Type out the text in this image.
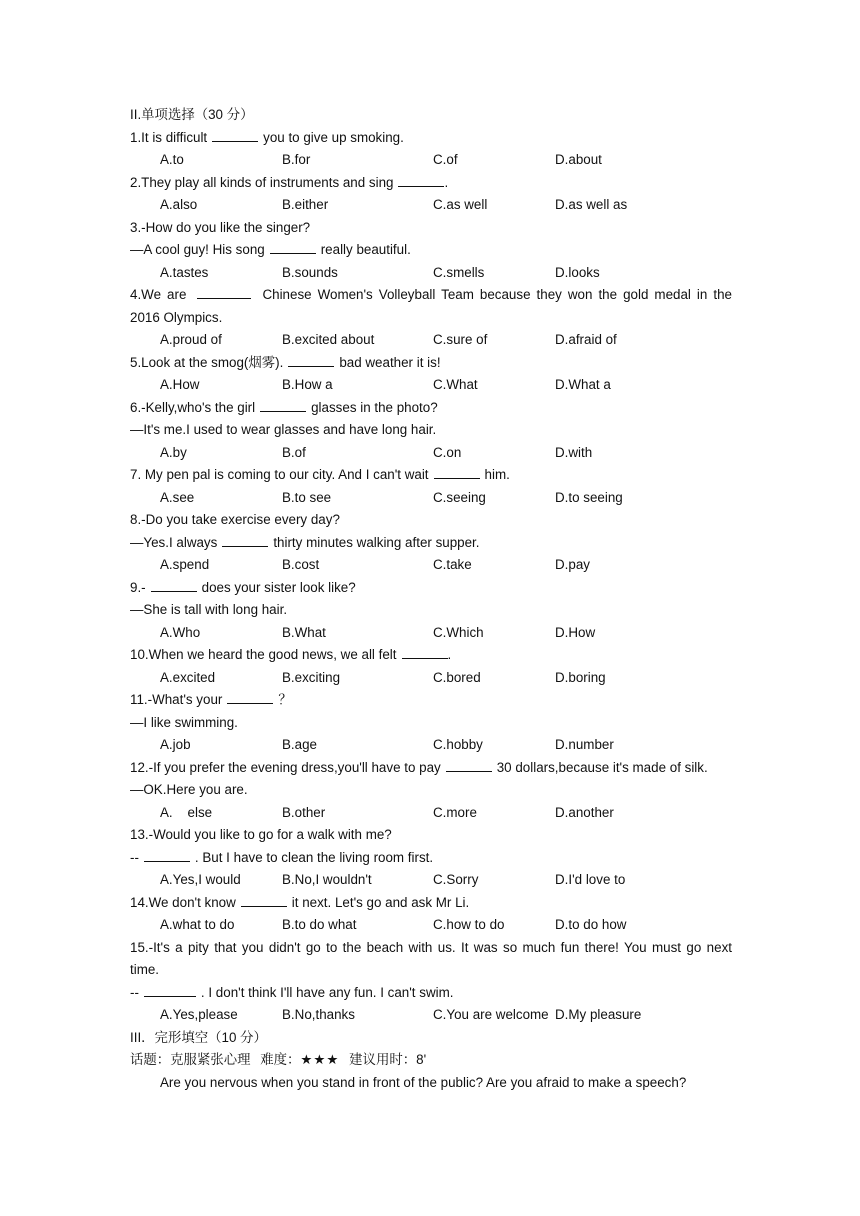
II.单项选择（30 分）
1.It is difficult	you to give up smoking.
A.to	B.for	C.of	D.about
2.They play all kinds of instruments and sing	.
A.also	B.either	C.as well	D.as well as
3.-How do you like the singer?
—A cool guy! His song	really beautiful.
A.tastes	B.sounds	C.smells	D.looks
4.We are	Chinese Women's Volleyball Team because they won the gold medal in the
2016 Olympics.
A.proud of	B.excited about	C.sure of	D.afraid of
5.Look at the smog(烟雾).	bad weather it is!
A.How	B.How a	C.What	D.What a
6.-Kelly,who's the girl	glasses in the photo?
—It's me.I used to wear glasses and have long hair.
A.by	B.of	C.on	D.with
7. My pen pal is coming to our city. And I can't wait	him.
A.see	B.to see	C.seeing	D.to seeing
8.-Do you take exercise every day?
—Yes.I always	thirty minutes walking after supper.
A.spend	B.cost	C.take	D.pay
9.-	does your sister look like?
—She is tall with long hair.
A.Who	B.What	C.Which	D.How
10.When we heard the good news, we all felt	.
A.excited	B.exciting	C.bored	D.boring
11.-What's your	？
—I like swimming.
A.job	B.age	C.hobby	D.number
12.-If you prefer the evening dress,you'll have to pay	30 dollars,because it's made of silk.
—OK.Here you are.
A.    else	B.other	C.more	D.another
13.-Would you like to go for a walk with me?
--	. But I have to clean the living room first.
A.Yes,I would	B.No,I wouldn't	C.Sorry	D.I'd love to
14.We don't know	it next. Let's go and ask Mr Li.
A.what to do	B.to do what	C.how to do	D.to do how
15.-It's a pity that you didn't go to the beach with us. It was so much fun there! You must go next
time.
--	. I don't think I'll have any fun. I can't swim.
A.Yes,please	B.No,thanks	C.You are welcome D.My pleasure
III．完形填空（10 分）
话题：克服紧张心理 难度：★★★ 建议用时：8'
Are you nervous when you stand in front of the public? Are you afraid to make a speech?
